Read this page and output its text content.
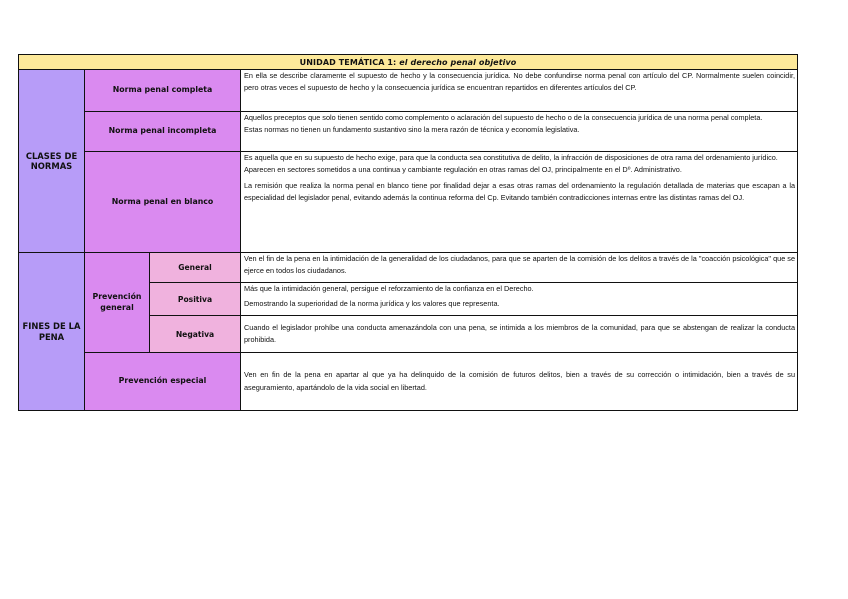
UNIDAD TEMÁTICA 1: el derecho penal objetivo			
CLASES DE NORMAS	Norma penal completa		En ella se describe claramente el supuesto de hecho y la consecuencia jurídica. No debe confundirse norma penal con artículo del CP. Normalmente suelen coincidir, pero otras veces el supuesto de hecho y la consecuencia jurídica se encuentran repartidos en diferentes artículos del CP.

	Norma penal incompleta		Aquellos preceptos que solo tienen sentido como complemento o aclaración del supuesto de hecho o de la consecuencia jurídica de una norma penal completa.

Estas normas no tienen un fundamento sustantivo sino la mera razón de técnica y economía legislativa.

	Norma penal en blanco		Es aquella que en su supuesto de hecho exige, para que la conducta sea constitutiva de delito, la infracción de disposiciones de otra rama del ordenamiento jurídico.

Aparecen en sectores sometidos a una continua y cambiante regulación en otras ramas del OJ, principalmente en el Dº. Administrativo.

La remisión que realiza la norma penal en blanco tiene por finalidad dejar a esas otras ramas del ordenamiento la regulación detallada de materias que escapan a la especialidad del legislador penal, evitando además la continua reforma del Cp. Evitando también contradicciones internas entre las distintas ramas del OJ.

FINES DE LA PENA	Prevención general	General	Ven el fin de la pena en la intimidación de la generalidad de los ciudadanos, para que se aparten de la comisión de los delitos a través de la "coacción psicológica" que se ejerce en todos los ciudadanos.

		Positiva	Más que la intimidación general, persigue el reforzamiento de la confianza en el Derecho.

Demostrando la superioridad de la norma jurídica y los valores que representa.

		Negativa	Cuando el legislador prohíbe una conducta amenazándola con una pena, se intimida a los miembros de la comunidad, para que se abstengan de realizar la conducta prohibida.

	Prevención especial		Ven en fin de la pena en apartar al que ya ha delinquido de la comisión de futuros delitos, bien a través de su corrección o intimidación, bien a través de su aseguramiento, apartándolo de la vida social en libertad.
